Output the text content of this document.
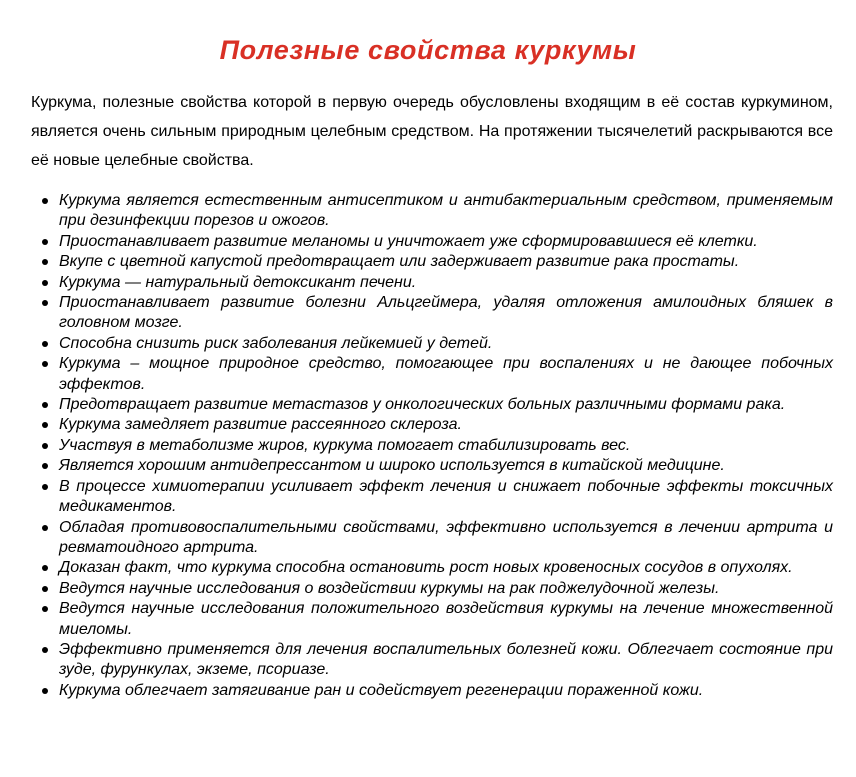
Полезные свойства куркумы

Куркума, полезные свойства которой в первую очередь обусловлены входящим в её состав куркумином, является очень сильным природным целебным средством. На протяжении тысячелетий раскрываются все её новые целебные свойства.

Куркума является естественным антисептиком и антибактериальным средством, применяемым при дезинфекции порезов и ожогов.
Приостанавливает развитие меланомы и уничтожает уже сформировавшиеся её клетки.
Вкупе с цветной капустой предотвращает или задерживает развитие рака простаты.
Куркума — натуральный детоксикант печени.
Приостанавливает развитие болезни Альцгеймера, удаляя отложения амилоидных бляшек в головном мозге.
Способна снизить риск заболевания лейкемией у детей.
Куркума – мощное природное средство, помогающее при воспалениях и не дающее побочных эффектов.
Предотвращает развитие метастазов у онкологических больных различными формами рака.
Куркума замедляет развитие рассеянного склероза.
Участвуя в метаболизме жиров, куркума помогает стабилизировать вес.
Является хорошим антидепрессантом и широко используется в китайской медицине.
В процессе химиотерапии усиливает эффект лечения и снижает побочные эффекты токсичных медикаментов.
Обладая противовоспалительными свойствами, эффективно используется в лечении артрита и ревматоидного артрита.
Доказан факт, что куркума способна остановить рост новых кровеносных сосудов в опухолях.
Ведутся научные исследования о воздействии куркумы на рак поджелудочной железы.
Ведутся научные исследования положительного воздействия куркумы на лечение множественной миеломы.
Эффективно применяется для лечения воспалительных болезней кожи. Облегчает состояние при зуде, фурункулах, экземе, псориазе.
Куркума облегчает затягивание ран и содействует регенерации пораженной кожи.
